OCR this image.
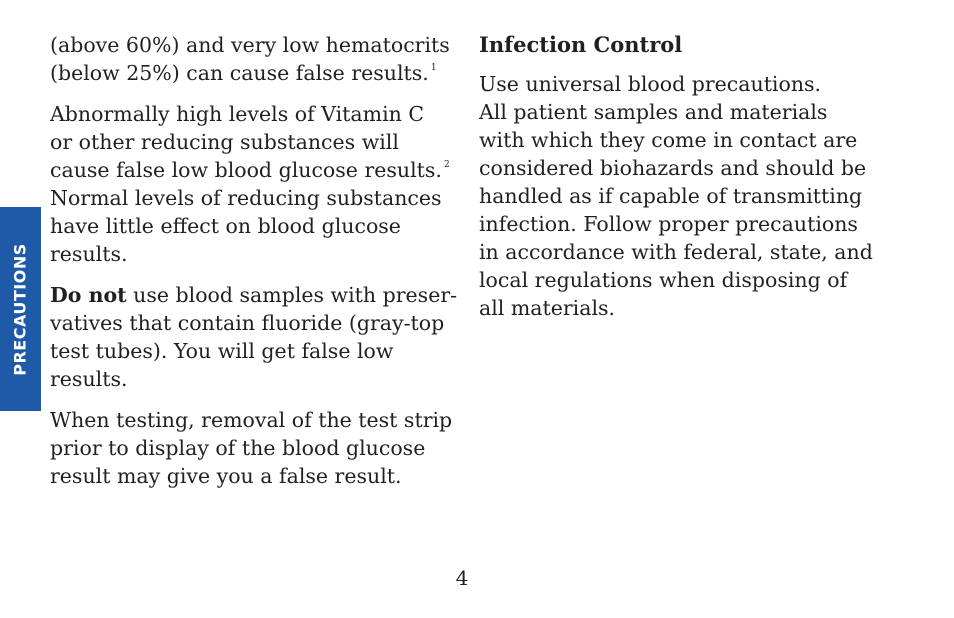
PRECAUTIONS

(above 60%) and very low hematocrits
(below 25%) can cause false results. $^1$

Abnormally high levels of Vitamin C
or other reducing substances will
cause false low blood glucose results. $^2$
Normal levels of reducing substances
have little effect on blood glucose
results.

Do not use blood samples with preser-
vatives that contain fluoride (gray-top
test tubes). You will get false low
results.

When testing, removal of the test strip
prior to display of the blood glucose
result may give you a false result.

Infection Control

Use universal blood precautions.
All patient samples and materials
with which they come in contact are
considered biohazards and should be
handled as if capable of transmitting
infection. Follow proper precautions
in accordance with federal, state, and
local regulations when disposing of
all materials.

4
